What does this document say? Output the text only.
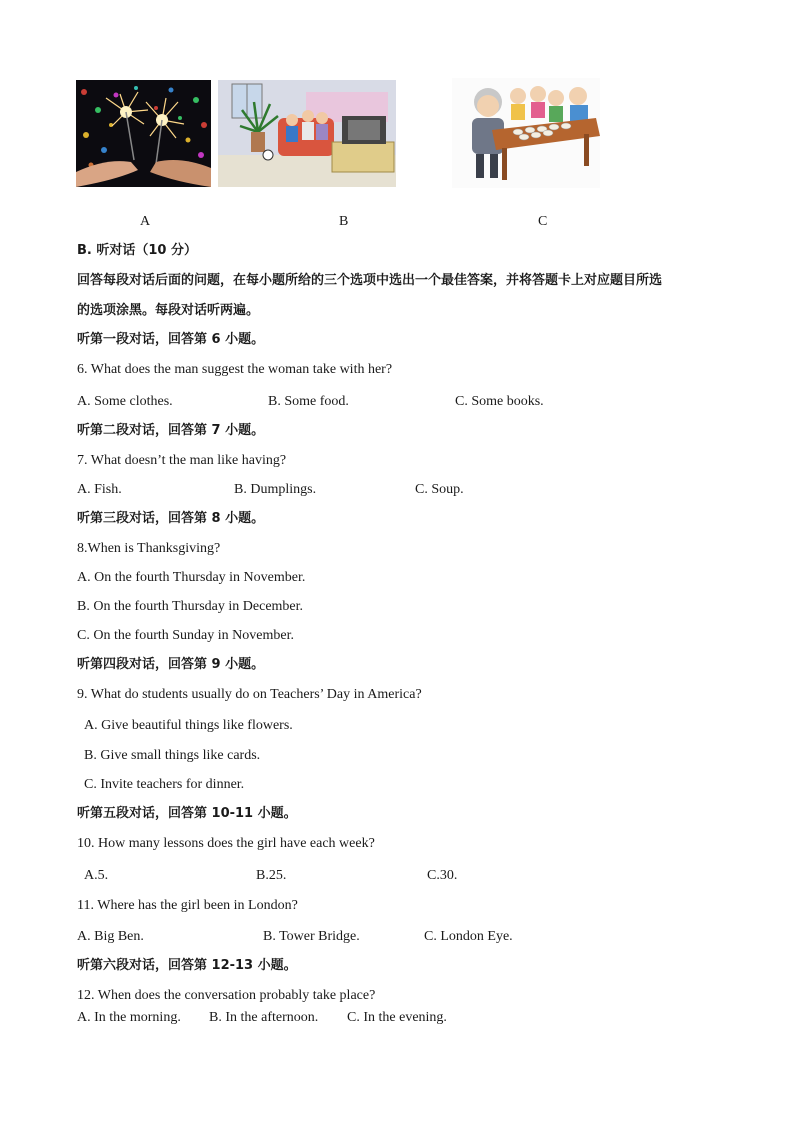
A	B	C
B. 听对话（10 分）
回答每段对话后面的问题，在每小题所给的三个选项中选出一个最佳答案，并将答题卡上对应题目所选
的选项涂黑。每段对话听两遍。
听第一段对话，回答第 6 小题。
6. What does the man suggest the woman take with her?
A. Some clothes.	B. Some food.	C. Some books.
听第二段对话，回答第 7 小题。
7. What doesn’t the man like having?
A. Fish.	B. Dumplings.	C. Soup.
听第三段对话，回答第 8 小题。
8.When is Thanksgiving?
A. On the fourth Thursday in November.
B. On the fourth Thursday in December.
C. On the fourth Sunday in November.
听第四段对话，回答第 9 小题。
9. What do students usually do on Teachers’ Day in America?
A. Give beautiful things like flowers.
B. Give small things like cards.
C. Invite teachers for dinner.
听第五段对话，回答第 10-11 小题。
10. How many lessons does the girl have each week?
A.5.	B.25.	C.30.
11. Where has the girl been in London?
A. Big Ben.	B. Tower Bridge.	C. London Eye.
听第六段对话，回答第 12-13 小题。
12. When does the conversation probably take place?
A. In the morning. B. In the afternoon. C. In the evening.
